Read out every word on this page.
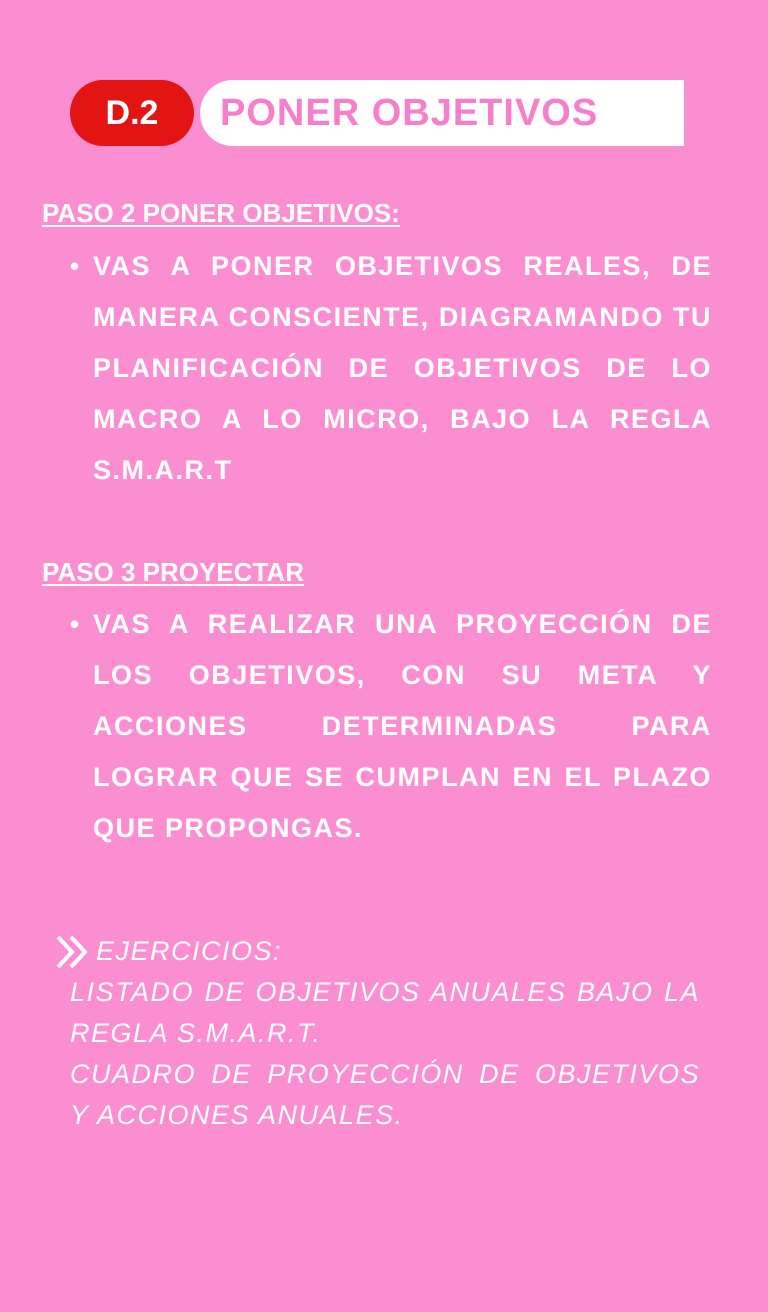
D.2	PONER OBJETIVOS
PASO 2 PONER OBJETIVOS:
• VAS A PONER OBJETIVOS REALES, DE MANERA CONSCIENTE, DIAGRAMANDO TU PLANIFICACIÓN DE OBJETIVOS DE LO MACRO A LO MICRO, BAJO LA REGLA S.M.A.R.T
PASO 3 PROYECTAR
• VAS A REALIZAR UNA PROYECCIÓN DE LOS OBJETIVOS, CON SU META Y ACCIONES DETERMINADAS PARA LOGRAR QUE SE CUMPLAN EN EL PLAZO QUE PROPONGAS.
EJERCICIOS:
LISTADO DE OBJETIVOS ANUALES BAJO LA REGLA S.M.A.R.T.
CUADRO DE PROYECCIÓN DE OBJETIVOS Y ACCIONES ANUALES.
